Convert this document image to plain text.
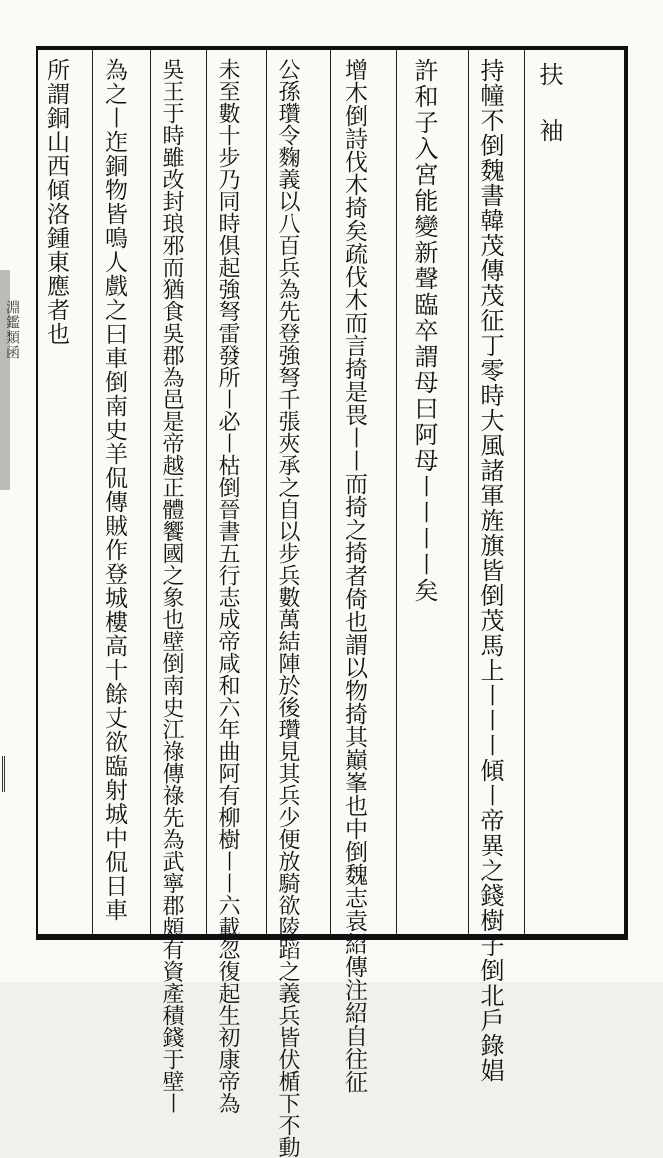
淵鑑類函
扶 袖
持幢不倒魏書韓茂傳茂征丁零時大風諸軍旌旗皆倒茂馬上〡〡〡傾〡帝異之錢樹子倒北戶錄娼
許和子入宮能變新聲臨卒謂母曰阿母〡〡〡〡矣
增木倒詩伐木掎矣疏伐木而言掎是畏〡〡而掎之掎者倚也謂以物掎其巔峯也中倒魏志袁紹傳注紹自往征
公孫瓚令麴義以八百兵為先登強弩千張夾承之自以步兵數萬結陣於後瓚見其兵少便放騎欲陵蹈之義兵皆伏楯下不動
未至數十步乃同時俱起強弩雷發所〡必〡枯倒晉書五行志成帝咸和六年曲阿有柳樹〡〡六載忽復起生初康帝為
吳王于時雖改封琅邪而猶食吳郡為邑是帝越正體饗國之象也壁倒南史江祿傳祿先為武寧郡頗有資產積錢于壁〡
為之〡迮銅物皆鳴人戲之曰車倒南史羊侃傳賊作登城樓高十餘丈欲臨射城中侃日車
所謂銅山西傾洛鍾東應者也
